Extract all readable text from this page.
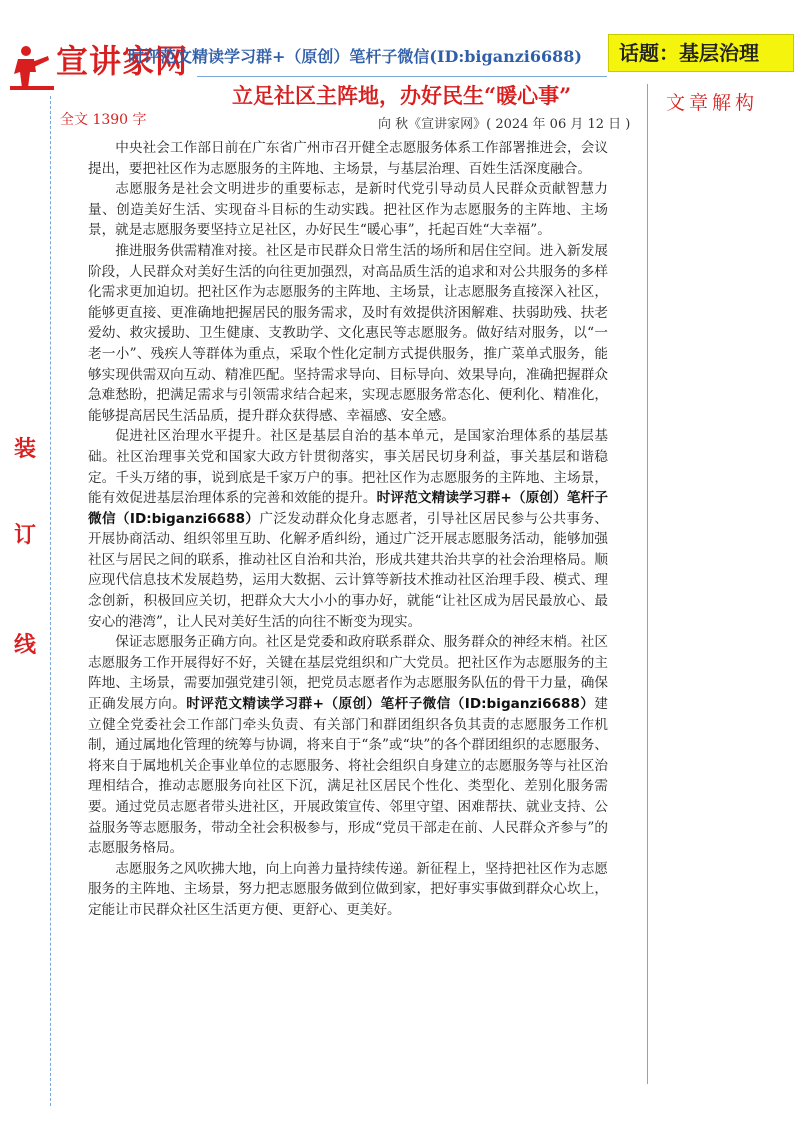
宣讲家网
时评范文精读学习群+（原创）笔杆子微信(ID:biganzi6688)	话题：基层治理
立足社区主阵地，办好民生“暖心事”
向 秋《宣讲家网》( 2024 年 06 月 12 日 )
全文 1390 字
文章解构
装
订
线

中央社会工作部日前在广东省广州市召开健全志愿服务体系工作部署推进会，会议提出，要把社区作为志愿服务的主阵地、主场景，与基层治理、百姓生活深度融合。

志愿服务是社会文明进步的重要标志，是新时代党引导动员人民群众贡献智慧力量、创造美好生活、实现奋斗目标的生动实践。把社区作为志愿服务的主阵地、主场景，就是志愿服务要坚持立足社区，办好民生“暖心事”，托起百姓“大幸福”。

推进服务供需精准对接。社区是市民群众日常生活的场所和居住空间。进入新发展阶段，人民群众对美好生活的向往更加强烈，对高品质生活的追求和对公共服务的多样化需求更加迫切。把社区作为志愿服务的主阵地、主场景，让志愿服务直接深入社区，能够更直接、更准确地把握居民的服务需求，及时有效提供济困解难、扶弱助残、扶老爱幼、救灾援助、卫生健康、支教助学、文化惠民等志愿服务。做好结对服务，以“一老一小”、残疾人等群体为重点，采取个性化定制方式提供服务，推广菜单式服务，能够实现供需双向互动、精准匹配。坚持需求导向、目标导向、效果导向，准确把握群众急难愁盼，把满足需求与引领需求结合起来，实现志愿服务常态化、便利化、精准化，能够提高居民生活品质，提升群众获得感、幸福感、安全感。

促进社区治理水平提升。社区是基层自治的基本单元，是国家治理体系的基层基础。社区治理事关党和国家大政方针贯彻落实，事关居民切身利益，事关基层和谐稳定。千头万绪的事，说到底是千家万户的事。把社区作为志愿服务的主阵地、主场景，能有效促进基层治理体系的完善和效能的提升。时评范文精读学习群+（原创）笔杆子微信（ID:biganzi6688）广泛发动群众化身志愿者，引导社区居民参与公共事务、开展协商活动、组织邻里互助、化解矛盾纠纷，通过广泛开展志愿服务活动，能够加强社区与居民之间的联系，推动社区自治和共治，形成共建共治共享的社会治理格局。顺应现代信息技术发展趋势，运用大数据、云计算等新技术推动社区治理手段、模式、理念创新，积极回应关切，把群众大大小小的事办好，就能“让社区成为居民最放心、最安心的港湾”，让人民对美好生活的向往不断变为现实。

保证志愿服务正确方向。社区是党委和政府联系群众、服务群众的神经末梢。社区志愿服务工作开展得好不好，关键在基层党组织和广大党员。把社区作为志愿服务的主阵地、主场景，需要加强党建引领，把党员志愿者作为志愿服务队伍的骨干力量，确保正确发展方向。时评范文精读学习群+（原创）笔杆子微信（ID:biganzi6688）建立健全党委社会工作部门牵头负责、有关部门和群团组织各负其责的志愿服务工作机制，通过属地化管理的统筹与协调，将来自于“条”或“块”的各个群团组织的志愿服务、将来自于属地机关企事业单位的志愿服务、将社会组织自身建立的志愿服务等与社区治理相结合，推动志愿服务向社区下沉，满足社区居民个性化、类型化、差别化服务需要。通过党员志愿者带头进社区，开展政策宣传、邻里守望、困难帮扶、就业支持、公益服务等志愿服务，带动全社会积极参与，形成“党员干部走在前、人民群众齐参与”的志愿服务格局。

志愿服务之风吹拂大地，向上向善力量持续传递。新征程上，坚持把社区作为志愿服务的主阵地、主场景，努力把志愿服务做到位做到家，把好事实事做到群众心坎上，定能让市民群众社区生活更方便、更舒心、更美好。
